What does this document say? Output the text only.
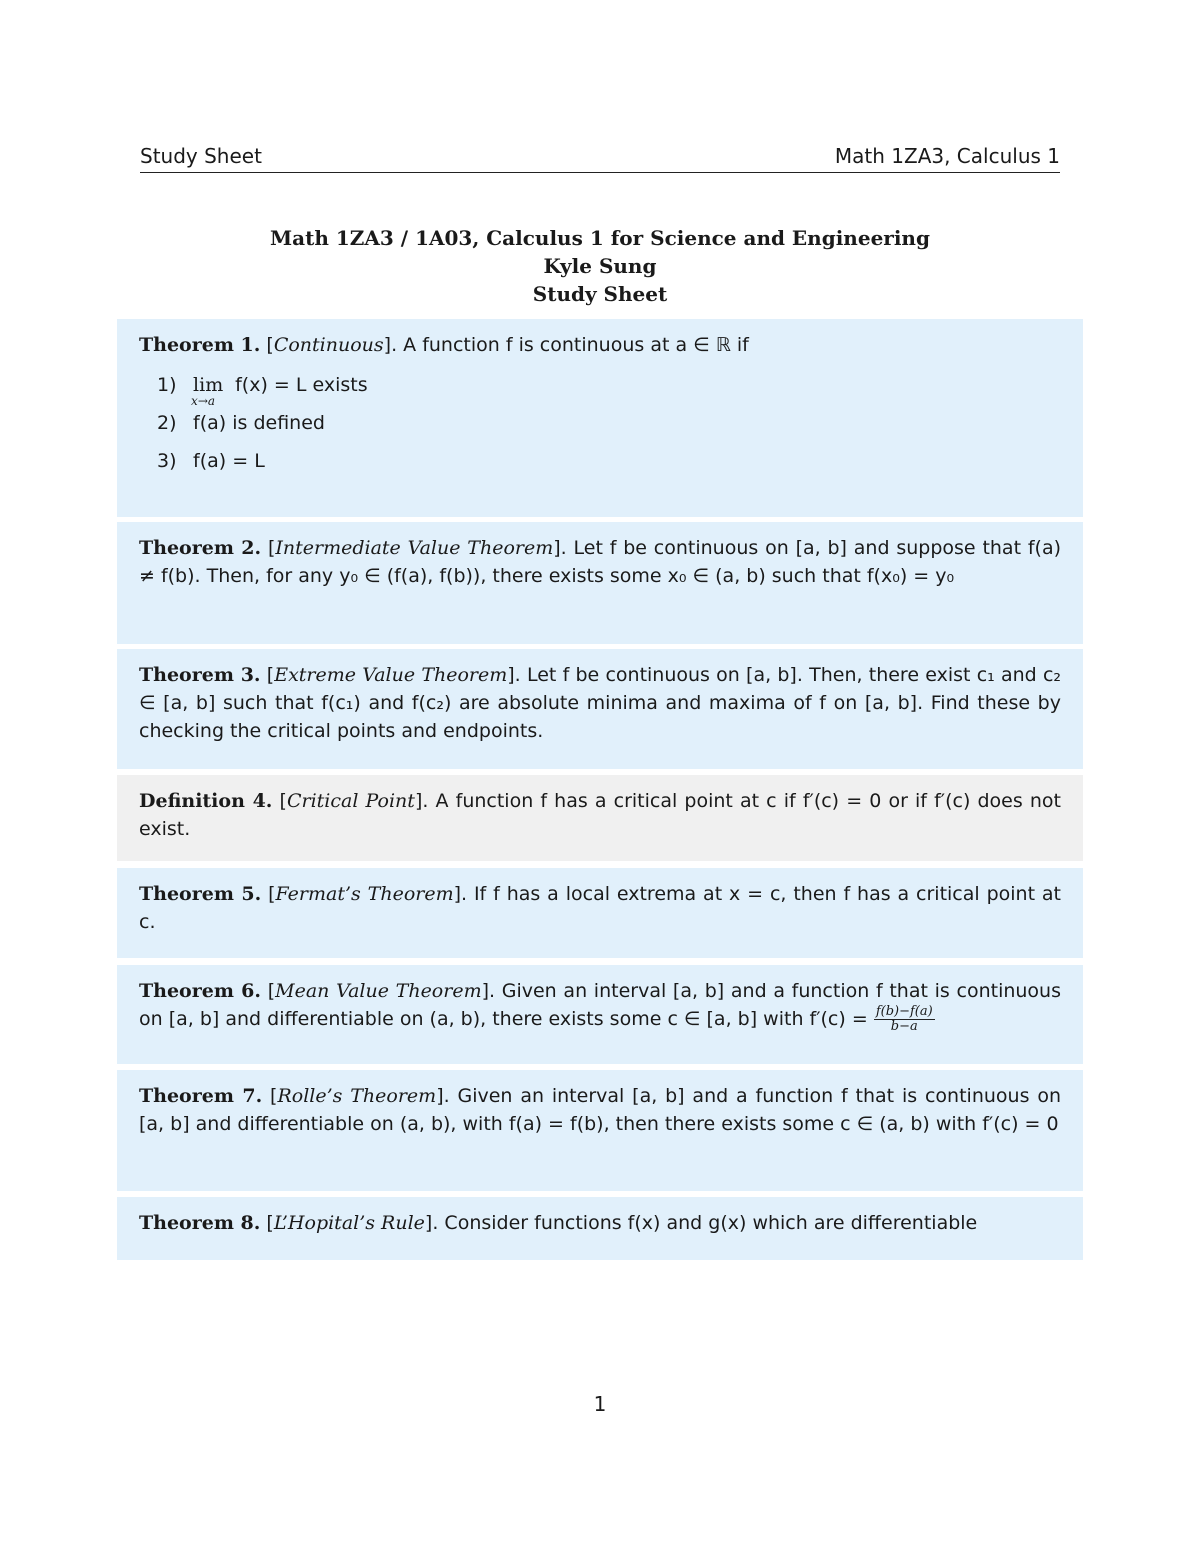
Study Sheet	Math 1ZA3, Calculus 1
Math 1ZA3 / 1A03, Calculus 1 for Science and Engineering
Kyle Sung
Study Sheet
Theorem 1. [Continuous]. A function f is continuous at a ∈ ℝ if
1) lim
x→a
f(x) = L exists
2) f(a) is defined
3) f(a) = L
Theorem 2. [Intermediate Value Theorem]. Let f be continuous on [a, b] and suppose that f(a) ≠ f(b). Then, for any y₀ ∈ (f(a), f(b)), there exists some x₀ ∈ (a, b) such that f(x₀) = y₀
Theorem 3. [Extreme Value Theorem]. Let f be continuous on [a, b]. Then, there exist c₁ and c₂ ∈ [a, b] such that f(c₁) and f(c₂) are absolute minima and maxima of f on [a, b]. Find these by checking the critical points and endpoints.
Definition 4. [Critical Point]. A function f has a critical point at c if f′(c) = 0 or if f′(c) does not exist.
Theorem 5. [Fermat’s Theorem]. If f has a local extrema at x = c, then f has a critical point at c.
Theorem 6. [Mean Value Theorem]. Given an interval [a, b] and a function f that is continuous on [a, b] and differentiable on (a, b), there exists some c ∈ [a, b] with $f'(c) = \frac{f(b)-f(a)}{b-a}$
Theorem 7. [Rolle’s Theorem]. Given an interval [a, b] and a function f that is continuous on [a, b] and differentiable on (a, b), with f(a) = f(b), then there exists some c ∈ (a, b) with f′(c) = 0
Theorem 8. [L’Hopital’s Rule]. Consider functions f(x) and g(x) which are differentiable
1
